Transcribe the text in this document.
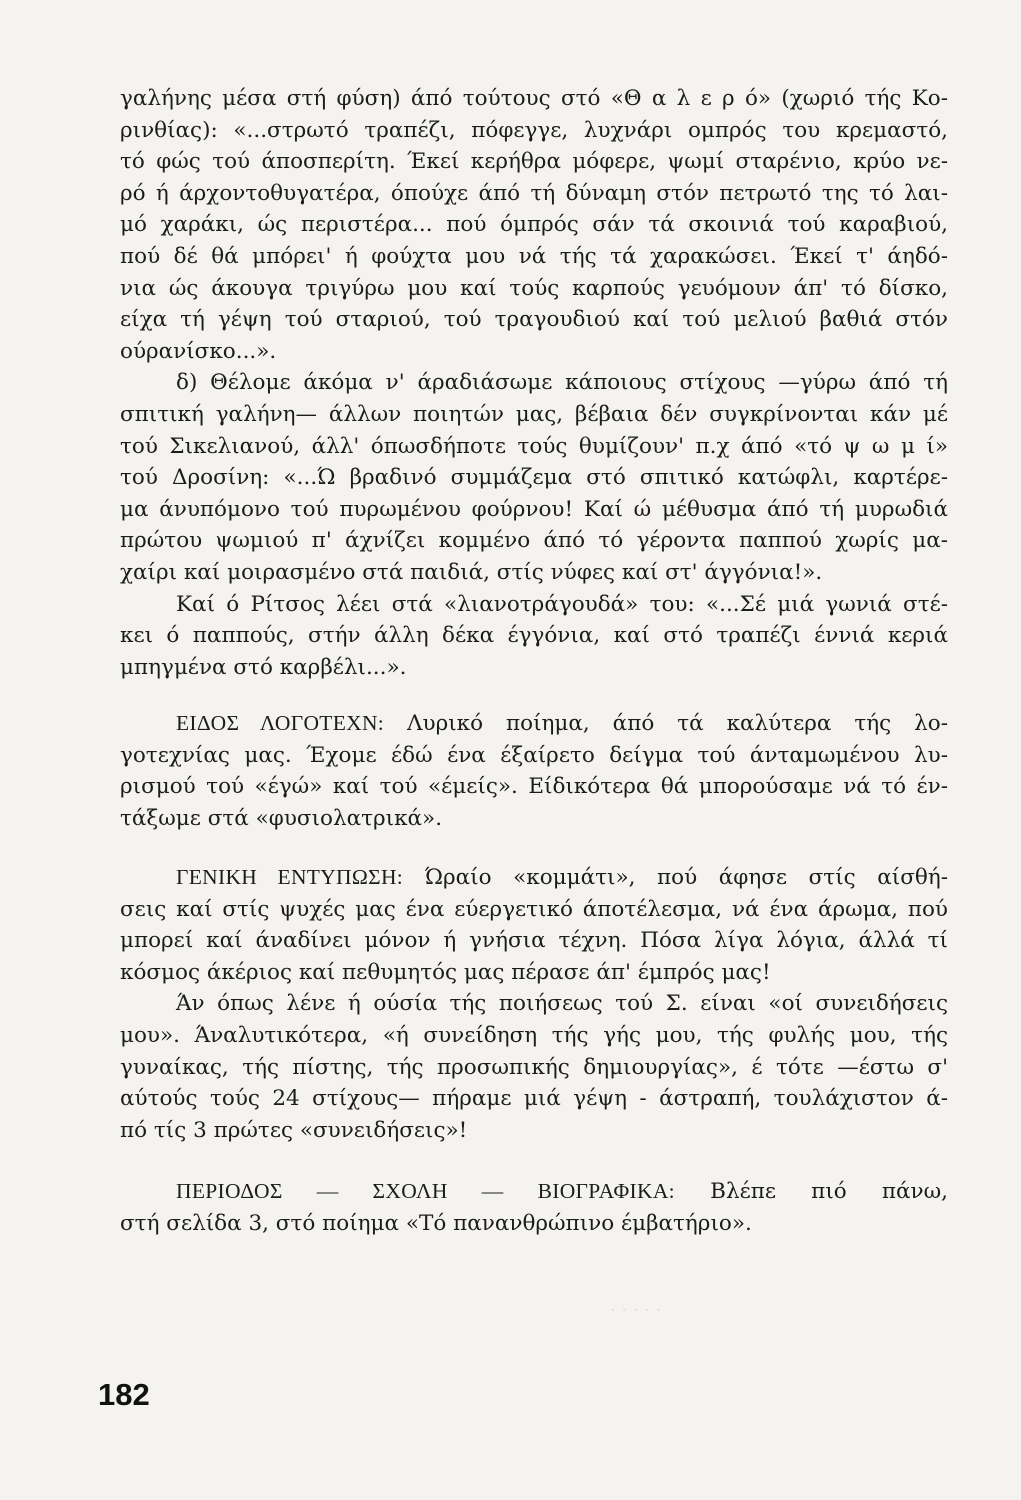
· · · · ·
γαλήνης μέσα στή φύση) άπό τούτους στό «Θ α λ ε ρ ό» (χωριό τής Κο-
ρινθίας): «...στρωτό τραπέζι, πόφεγγε, λυχνάρι ομπρός του κρεμαστό,
τό φώς τού άποσπερίτη. Έκεί κερήθρα μόφερε, ψωμί σταρένιο, κρύο νε-
ρό ή άρχοντοθυγατέρα, όπούχε άπό τή δύναμη στόν πετρωτό της τό λαι-
μό χαράκι, ώς περιστέρα... πού όμπρός σάν τά σκοινιά τού καραβιού,
πού δέ θά μπόρει' ή φούχτα μου νά τής τά χαρακώσει. Έκεί τ' άηδό-
νια ώς άκουγα τριγύρω μου καί τούς καρπούς γευόμουν άπ' τό δίσκο,
είχα τή γέψη τού σταριού, τού τραγουδιού καί τού μελιού βαθιά στόν
ούρανίσκο...».
δ) Θέλομε άκόμα ν' άραδιάσωμε κάποιους στίχους —γύρω άπό τή
σπιτική γαλήνη— άλλων ποιητών μας, βέβαια δέν συγκρίνονται κάν μέ
τού Σικελιανού, άλλ' όπωσδήποτε τούς θυμίζουν' π.χ άπό «τό ψ ω μ ί»
τού Δροσίνη: «...Ώ βραδινό συμμάζεμα στό σπιτικό κατώφλι, καρτέρε-
μα άνυπόμονο τού πυρωμένου φούρνου! Καί ώ μέθυσμα άπό τή μυρωδιά
πρώτου ψωμιού π' άχνίζει κομμένο άπό τό γέροντα παππού χωρίς μα-
χαίρι καί μοιρασμένο στά παιδιά, στίς νύφες καί στ' άγγόνια!».
Καί ό Ρίτσος λέει στά «λιανοτράγουδά» του: «...Σέ μιά γωνιά στέ-
κει ό παππούς, στήν άλλη δέκα έγγόνια, καί στό τραπέζι έννιά κεριά
μπηγμένα στό καρβέλι...».
ΕΙΔΟΣ ΛΟΓΟΤΕΧΝ: Λυρικό ποίημα, άπό τά καλύτερα τής λο-
γοτεχνίας μας. Έχομε έδώ ένα έξαίρετο δείγμα τού άνταμωμένου λυ-
ρισμού τού «έγώ» καί τού «έμείς». Είδικότερα θά μπορούσαμε νά τό έν-
τάξωμε στά «φυσιολατρικά».
ΓΕΝΙΚΗ ΕΝΤΥΠΩΣΗ: Ώραίο «κομμάτι», πού άφησε στίς αίσθή-
σεις καί στίς ψυχές μας ένα εύεργετικό άποτέλεσμα, νά ένα άρωμα, πού
μπορεί καί άναδίνει μόνον ή γνήσια τέχνη. Πόσα λίγα λόγια, άλλά τί
κόσμος άκέριος καί πεθυμητός μας πέρασε άπ' έμπρός μας!
Άν όπως λένε ή ούσία τής ποιήσεως τού Σ. είναι «οί συνειδήσεις
μου». Άναλυτικότερα, «ή συνείδηση τής γής μου, τής φυλής μου, τής
γυναίκας, τής πίστης, τής προσωπικής δημιουργίας», έ τότε —έστω σ'
αύτούς τούς 24 στίχους— πήραμε μιά γέψη - άστραπή, τουλάχιστον ά-
πό τίς 3 πρώτες «συνειδήσεις»!
ΠΕΡΙΟΔΟΣ — ΣΧΟΛΗ — ΒΙΟΓΡΑΦΙΚΑ: Βλέπε πιό πάνω,
στή σελίδα 3, στό ποίημα «Τό πανανθρώπινο έμβατήριο».
182
